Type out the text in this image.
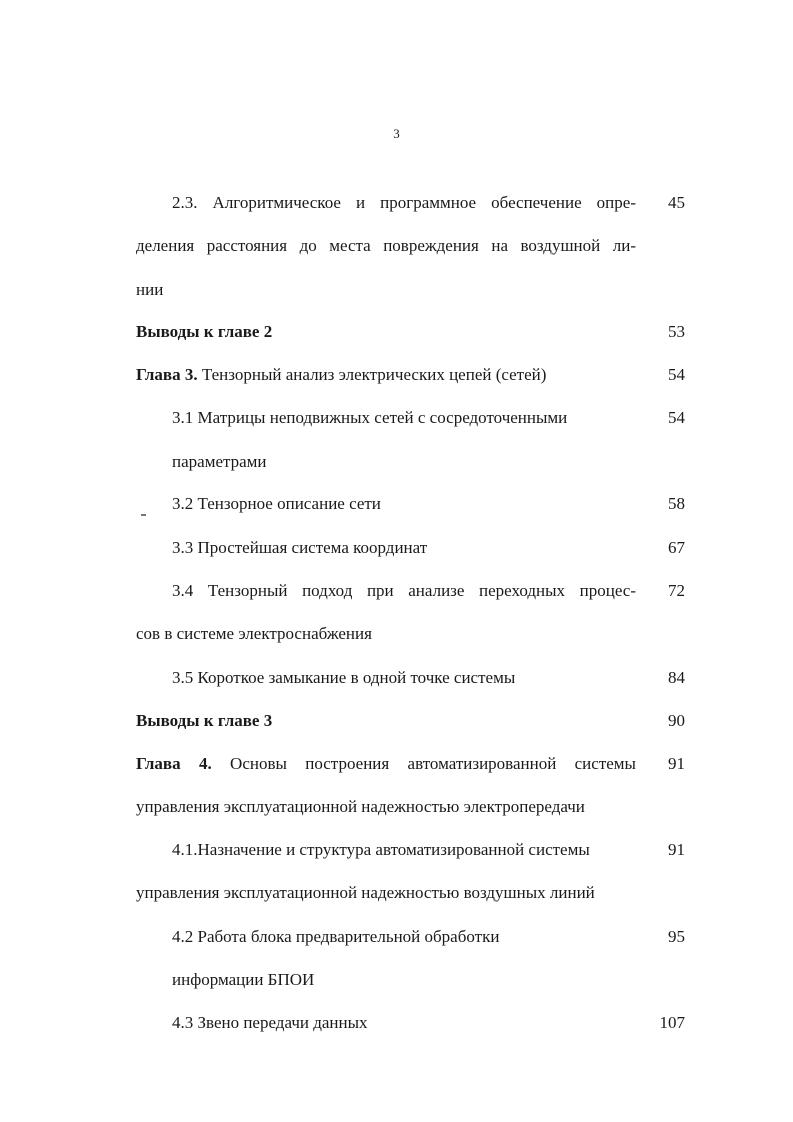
3
2.3. Алгоритмическое и программное обеспечение опре-	45
деления расстояния до места повреждения на воздушной ли-
нии
Выводы к главе 2	53
Глава 3. Тензорный анализ электрических цепей (сетей)	54
3.1 Матрицы неподвижных сетей с сосредоточенными	54
параметрами
3.2 Тензорное описание сети	58
3.3 Простейшая система координат	67
3.4 Тензорный подход при анализе переходных процес-	72
сов в системе электроснабжения
3.5 Короткое замыкание в одной точке системы	84
Выводы к главе 3	90
Глава 4. Основы построения автоматизированной системы	91
управления эксплуатационной надежностью электропередачи
4.1.Назначение и структура автоматизированной системы	91
управления эксплуатационной надежностью воздушных линий
4.2 Работа блока предварительной обработки	95
информации БПОИ
4.3 Звено передачи данных	107
